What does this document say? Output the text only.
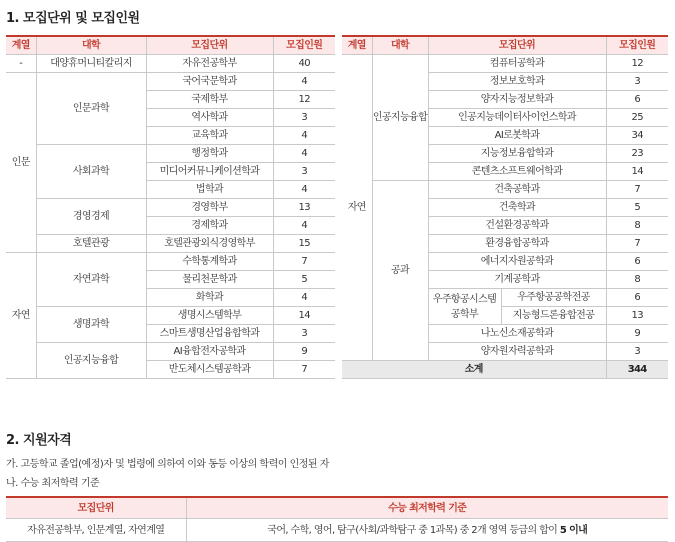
1. 모집단위 및 모집인원
계열	대학	모집단위	모집인원
-	대양휴머니티칼리지	자유전공학부	40
인문	인문과학	국어국문학과	4
		국제학부	12
		역사학과	3
		교육학과	4
	사회과학	행정학과	4
		미디어커뮤니케이션학과	3
		법학과	4
	경영경제	경영학부	13
		경제학과	4
	호텔관광	호텔관광외식경영학부	15
자연	자연과학	수학통계학과	7
		물리천문학과	5
		화학과	4
	생명과학	생명시스템학부	14
		스마트생명산업융합학과	3
	인공지능융합	AI융합전자공학과	9
		반도체시스템공학과	7
계열	대학	모집단위		모집인원
자연	인공지능융합	컴퓨터공학과		12
		정보보호학과		3
		양자지능정보학과		6
		인공지능데이터사이언스학과		25
		AI로봇학과		34
		지능정보융합학과		23
		콘텐츠소프트웨어학과		14
	공과	건축공학과		7
		건축학과		5
		건설환경공학과		8
		환경융합공학과		7
		에너지자원공학과		6
		기계공학과		8
		우주항공시스템공학부	우주항공공학전공	6
			지능형드론융합전공	13
		나노신소재공학과		9
		양자원자력공학과		3
소계				344
2. 지원자격
가. 고등학교 졸업(예정)자 및 법령에 의하여 이와 동등 이상의 학력이 인정된 자
나. 수능 최저학력 기준
모집단위	수능 최저학력 기준
자유전공학부, 인문계열, 자연계열	국어, 수학, 영어, 탐구(사회/과학탐구 중 1과목) 중 2개 영역 등급의 합이 5 이내
